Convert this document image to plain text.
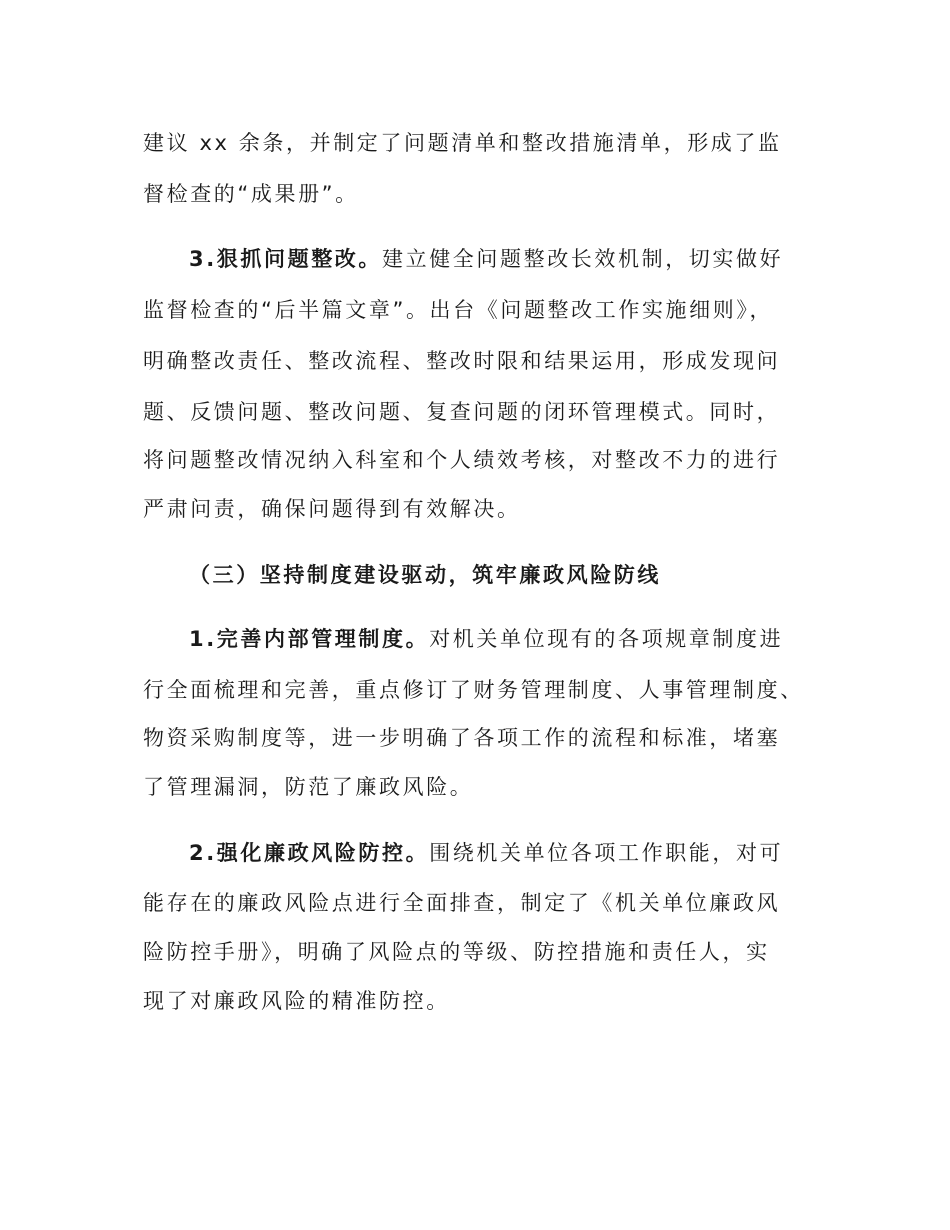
建议 xx 余条，并制定了问题清单和整改措施清单，形成了监
督检查的“成果册”。
3.狠抓问题整改。建立健全问题整改长效机制，切实做好
监督检查的“后半篇文章”。出台《问题整改工作实施细则》，
明确整改责任、整改流程、整改时限和结果运用，形成发现问
题、反馈问题、整改问题、复查问题的闭环管理模式。同时，
将问题整改情况纳入科室和个人绩效考核，对整改不力的进行
严肃问责，确保问题得到有效解决。
（三）坚持制度建设驱动，筑牢廉政风险防线
1.完善内部管理制度。对机关单位现有的各项规章制度进
行全面梳理和完善，重点修订了财务管理制度、人事管理制度、
物资采购制度等，进一步明确了各项工作的流程和标准，堵塞
了管理漏洞，防范了廉政风险。
2.强化廉政风险防控。围绕机关单位各项工作职能，对可
能存在的廉政风险点进行全面排查，制定了《机关单位廉政风
险防控手册》，明确了风险点的等级、防控措施和责任人，实
现了对廉政风险的精准防控。
